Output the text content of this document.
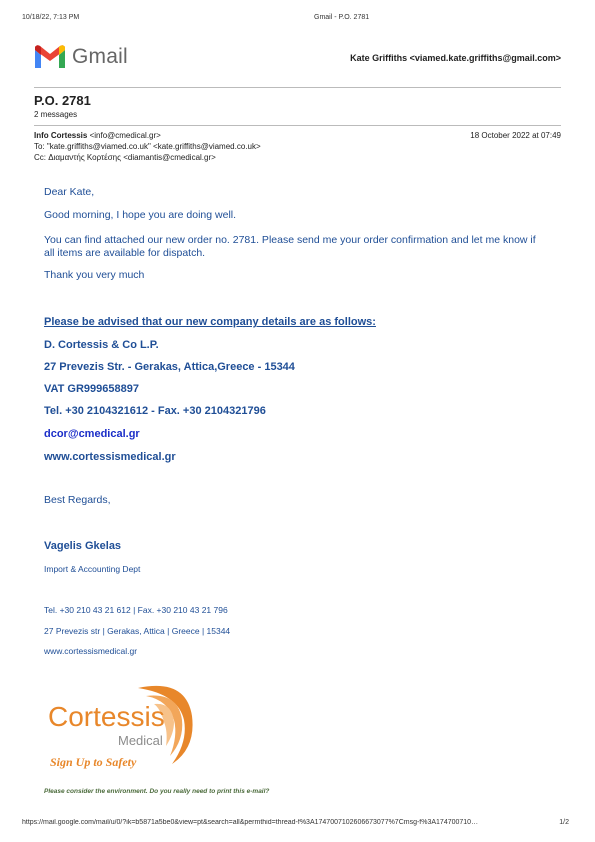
10/18/22, 7:13 PM	Gmail - P.O. 2781
Gmail	Kate Griffiths <viamed.kate.griffiths@gmail.com>
P.O. 2781
2 messages
Info Cortessis <info@cmedical.gr>	18 October 2022 at 07:49
To: "kate.griffiths@viamed.co.uk" <kate.griffiths@viamed.co.uk>
Cc: Διαμαντής Κορτέσης <diamantis@cmedical.gr>
Dear Kate,
Good morning, I hope you are doing well.
You can find attached our new order no. 2781. Please send me your order confirmation and let me know if all items are available for dispatch.
Thank you very much
Please be advised that our new company details are as follows:
D. Cortessis & Co L.P.
27 Prevezis Str. - Gerakas, Attica,Greece - 15344
VAT GR999658897
Tel. +30 2104321612 - Fax. +30 2104321796
dcor@cmedical.gr
www.cortessismedical.gr
Best Regards,
Vagelis Gkelas
Import & Accounting Dept
Tel. +30 210 43 21 612 | Fax. +30 210 43 21 796
27 Prevezis str | Gerakas, Attica | Greece | 15344
www.cortessismedical.gr
Cortessis
Medical
Sign Up to Safety
Please consider the environment. Do you really need to print this e-mail?
https://mail.google.com/mail/u/0/?ik=b5871a5be0&view=pt&search=all&permthid=thread-f%3A1747007102606673077%7Cmsg-f%3A174700710…	1/2
